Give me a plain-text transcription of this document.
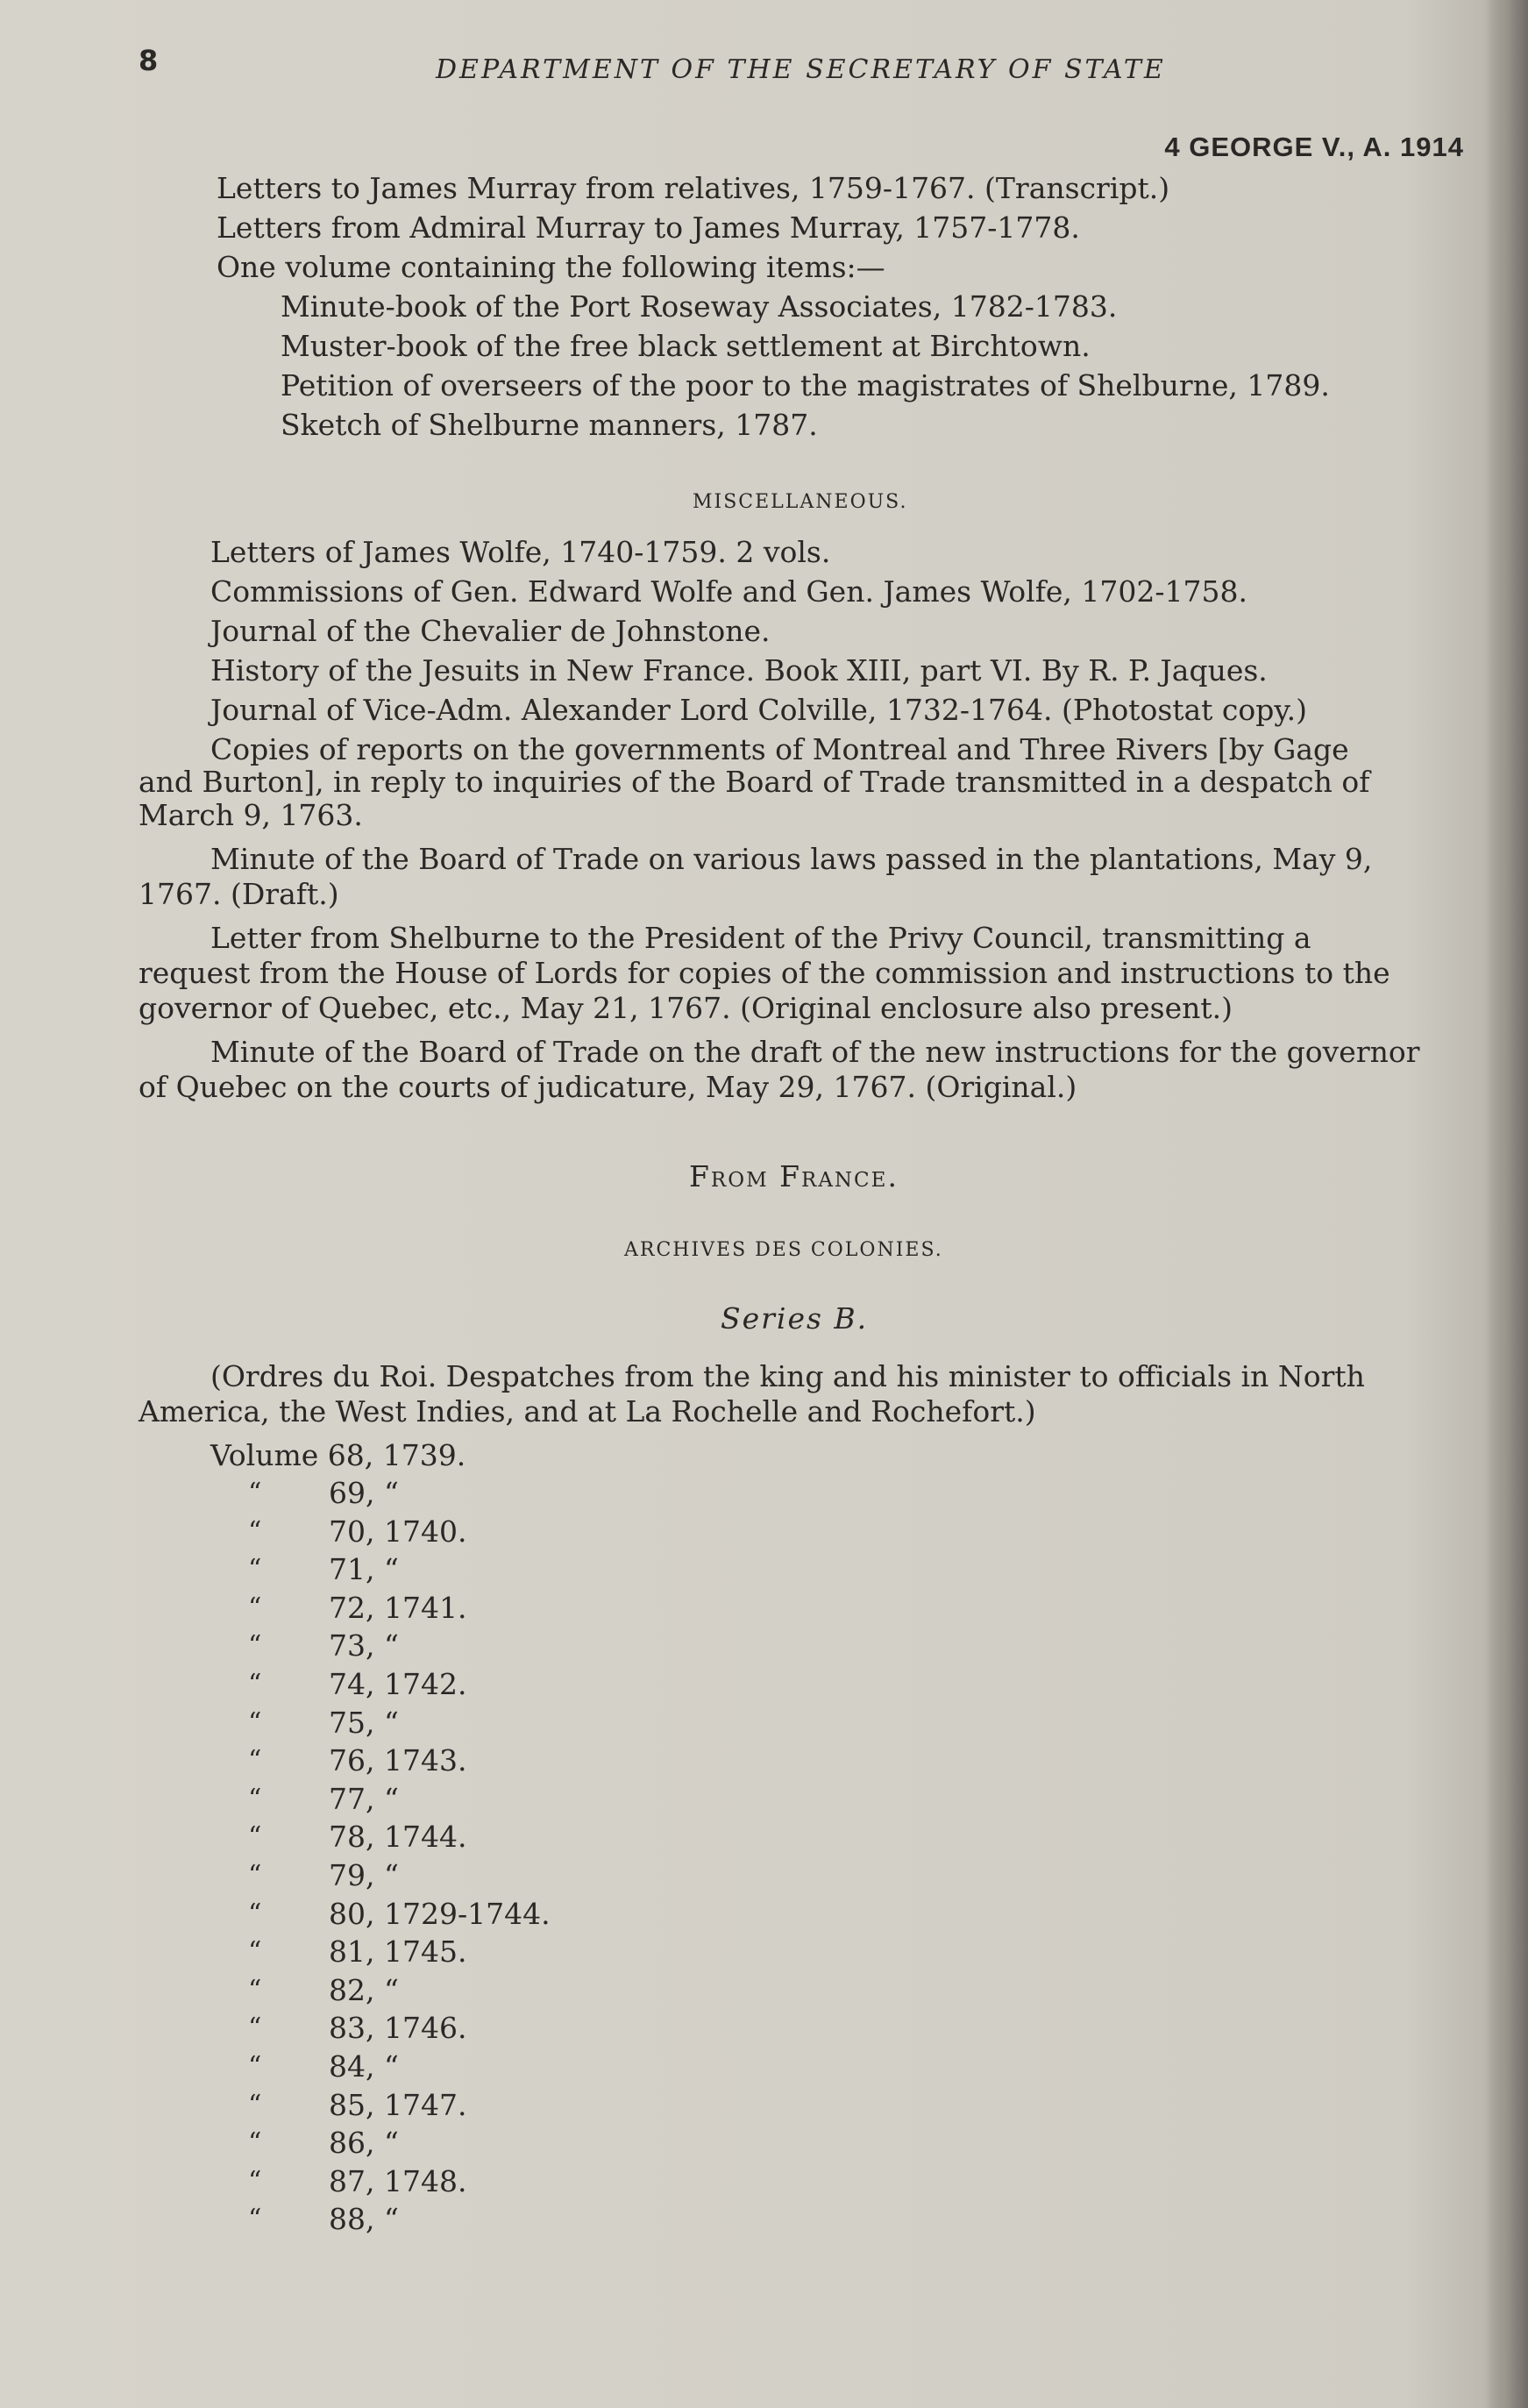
8	DEPARTMENT OF THE SECRETARY OF STATE
4 GEORGE V., A. 1914
Letters to James Murray from relatives, 1759-1767. (Transcript.)
Letters from Admiral Murray to James Murray, 1757-1778.
One volume containing the following items:—
Minute-book of the Port Roseway Associates, 1782-1783.
Muster-book of the free black settlement at Birchtown.
Petition of overseers of the poor to the magistrates of Shelburne, 1789.
Sketch of Shelburne manners, 1787.
MISCELLANEOUS.
Letters of James Wolfe, 1740-1759. 2 vols.
Commissions of Gen. Edward Wolfe and Gen. James Wolfe, 1702-1758.
Journal of the Chevalier de Johnstone.
History of the Jesuits in New France. Book XIII, part VI. By R. P. Jaques.
Journal of Vice-Adm. Alexander Lord Colville, 1732-1764. (Photostat copy.)
Copies of reports on the governments of Montreal and Three Rivers [by Gage
and Burton], in reply to inquiries of the Board of Trade transmitted in a despatch of
March 9, 1763.
Minute of the Board of Trade on various laws passed in the plantations, May 9,
1767. (Draft.)
Letter from Shelburne to the President of the Privy Council, transmitting a
request from the House of Lords for copies of the commission and instructions to the
governor of Quebec, etc., May 21, 1767. (Original enclosure also present.)
Minute of the Board of Trade on the draft of the new instructions for the governor
of Quebec on the courts of judicature, May 29, 1767. (Original.)
From France.
ARCHIVES DES COLONIES.
Series B.
(Ordres du Roi. Despatches from the king and his minister to officials in North
America, the West Indies, and at La Rochelle and Rochefort.)
Volume 68, 1739.
“ 69, “
“ 70, 1740.
“ 71, “
“ 72, 1741.
“ 73, “
“ 74, 1742.
“ 75, “
“ 76, 1743.
“ 77, “
“ 78, 1744.
“ 79, “
“ 80, 1729-1744.
“ 81, 1745.
“ 82, “
“ 83, 1746.
“ 84, “
“ 85, 1747.
“ 86, “
“ 87, 1748.
“ 88, “
